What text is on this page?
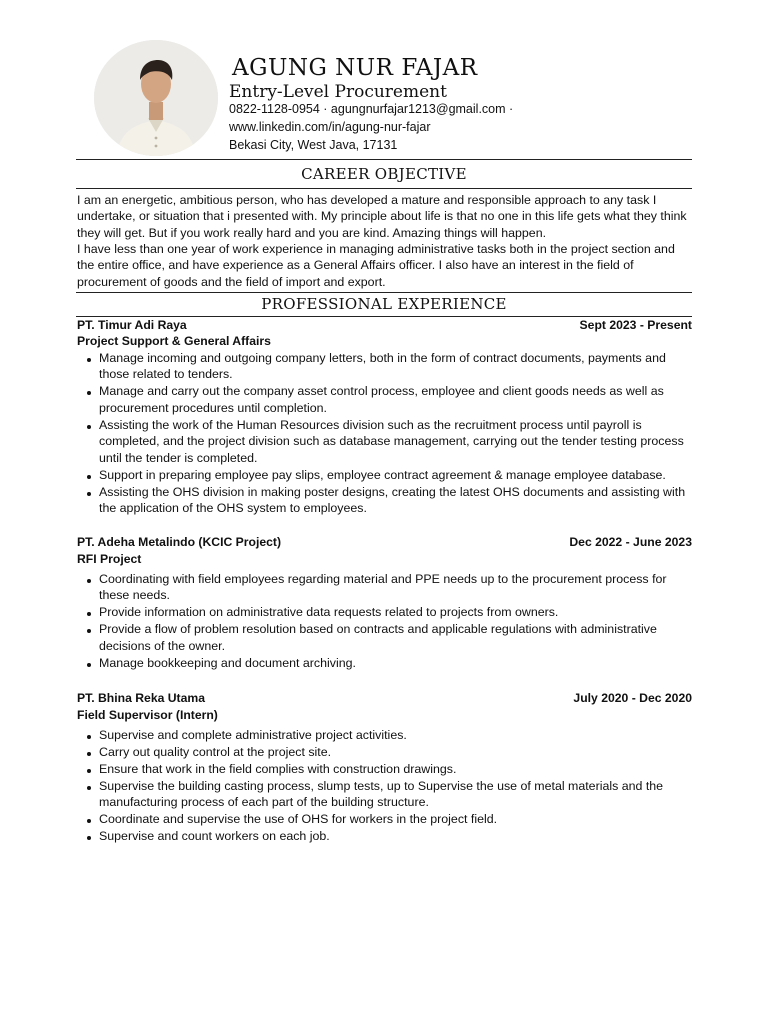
AGUNG NUR FAJAR
Entry-Level Procurement
0822-1128-0954 · agungnurfajar1213@gmail.com ·
www.linkedin.com/in/agung-nur-fajar
Bekasi City, West Java, 17131
CAREER OBJECTIVE

I am an energetic, ambitious person, who has developed a mature and responsible approach to any task I undertake, or situation that i presented with. My principle about life is that no one in this life gets what they think they will get. But if you work really hard and you are kind. Amazing things will happen.

I have less than one year of work experience in managing administrative tasks both in the project section and the entire office, and have experience as a General Affairs officer. I also have an interest in the field of procurement of goods and the field of import and export.

PROFESSIONAL EXPERIENCE
PT. Timur Adi Raya	Sept 2023 - Present
Project Support & General Affairs
Manage incoming and outgoing company letters, both in the form of contract documents, payments and those related to tenders.
Manage and carry out the company asset control process, employee and client goods needs as well as procurement procedures until completion.
Assisting the work of the Human Resources division such as the recruitment process until payroll is completed, and the project division such as database management, carrying out the tender testing process until the tender is completed.
Support in preparing employee pay slips, employee contract agreement & manage employee database.
Assisting the OHS division in making poster designs, creating the latest OHS documents and assisting with the application of the OHS system to employees.
PT. Adeha Metalindo (KCIC Project)	Dec 2022 - June 2023
RFI Project
Coordinating with field employees regarding material and PPE needs up to the procurement process for these needs.
Provide information on administrative data requests related to projects from owners.
Provide a flow of problem resolution based on contracts and applicable regulations with administrative decisions of the owner.
Manage bookkeeping and document archiving.
PT. Bhina Reka Utama	July 2020 - Dec 2020
Field Supervisor (Intern)
Supervise and complete administrative project activities.
Carry out quality control at the project site.
Ensure that work in the field complies with construction drawings.
Supervise the building casting process, slump tests, up to Supervise the use of metal materials and the manufacturing process of each part of the building structure.
Coordinate and supervise the use of OHS for workers in the project field.
Supervise and count workers on each job.
